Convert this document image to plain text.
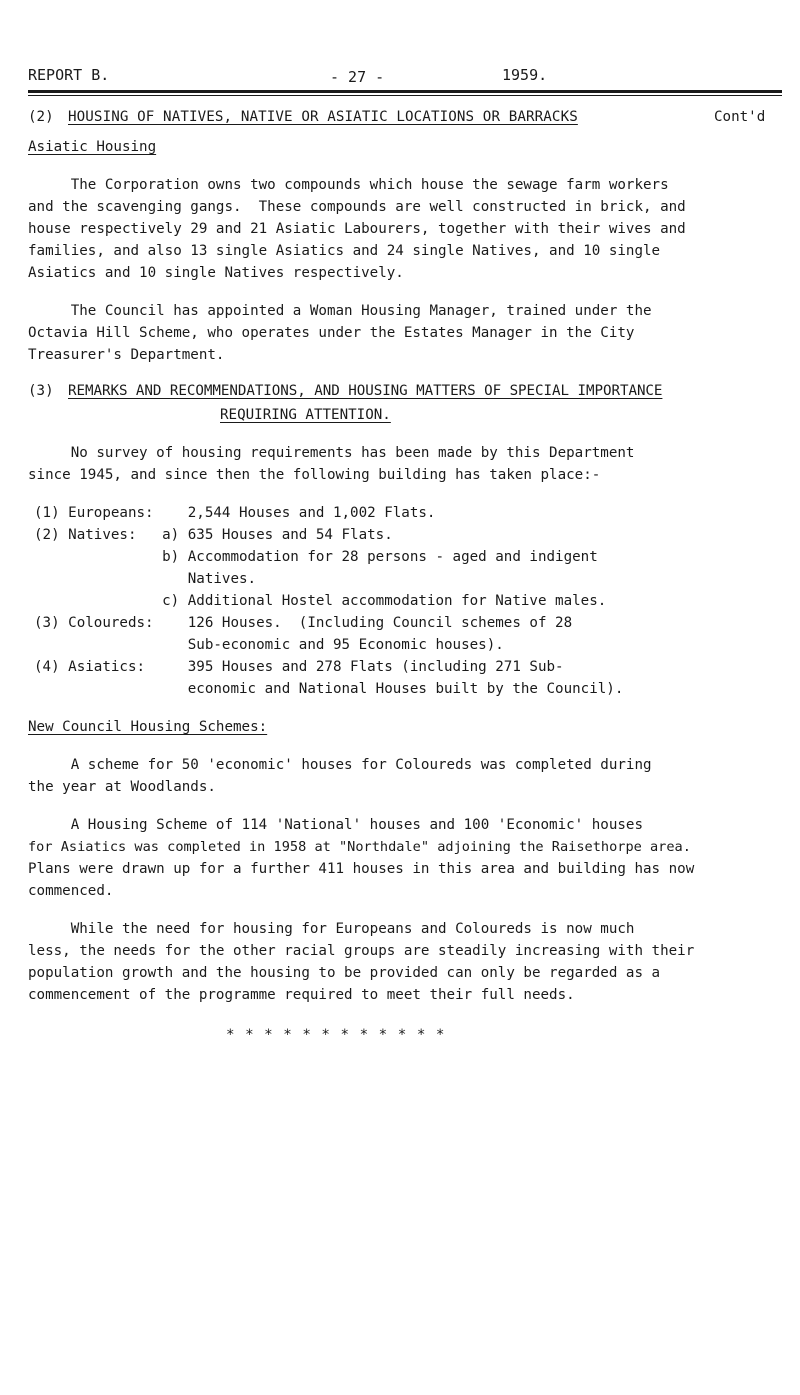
REPORT B.	- 27 -	1959.
(2) HOUSING OF NATIVES, NATIVE OR ASIATIC LOCATIONS OR BARRACKS	Cont'd
Asiatic Housing
The Corporation owns two compounds which house the sewage farm workers
and the scavenging gangs.  These compounds are well constructed in brick, and
house respectively 29 and 21 Asiatic Labourers, together with their wives and
families, and also 13 single Asiatics and 24 single Natives, and 10 single
Asiatics and 10 single Natives respectively.
The Council has appointed a Woman Housing Manager, trained under the
Octavia Hill Scheme, who operates under the Estates Manager in the City
Treasurer's Department.
(3) REMARKS AND RECOMMENDATIONS, AND HOUSING MATTERS OF SPECIAL IMPORTANCE
REQUIRING ATTENTION.
No survey of housing requirements has been made by this Department
since 1945, and since then the following building has taken place:-
(1) Europeans:    2,544 Houses and 1,002 Flats.
(2) Natives:   a) 635 Houses and 54 Flats.
b) Accommodation for 28 persons - aged and indigent
Natives.
c) Additional Hostel accommodation for Native males.
(3) Coloureds:    126 Houses.  (Including Council schemes of 28
Sub-economic and 95 Economic houses).
(4) Asiatics:     395 Houses and 278 Flats (including 271 Sub-
economic and National Houses built by the Council).
New Council Housing Schemes:
A scheme for 50 'economic' houses for Coloureds was completed during
the year at Woodlands.
A Housing Scheme of 114 'National' houses and 100 'Economic' houses
for Asiatics was completed in 1958 at "Northdale" adjoining the Raisethorpe area.
Plans were drawn up for a further 411 houses in this area and building has now
commenced.
While the need for housing for Europeans and Coloureds is now much
less, the needs for the other racial groups are steadily increasing with their
population growth and the housing to be provided can only be regarded as a
commencement of the programme required to meet their full needs.
* * * * * * * * * * * *
